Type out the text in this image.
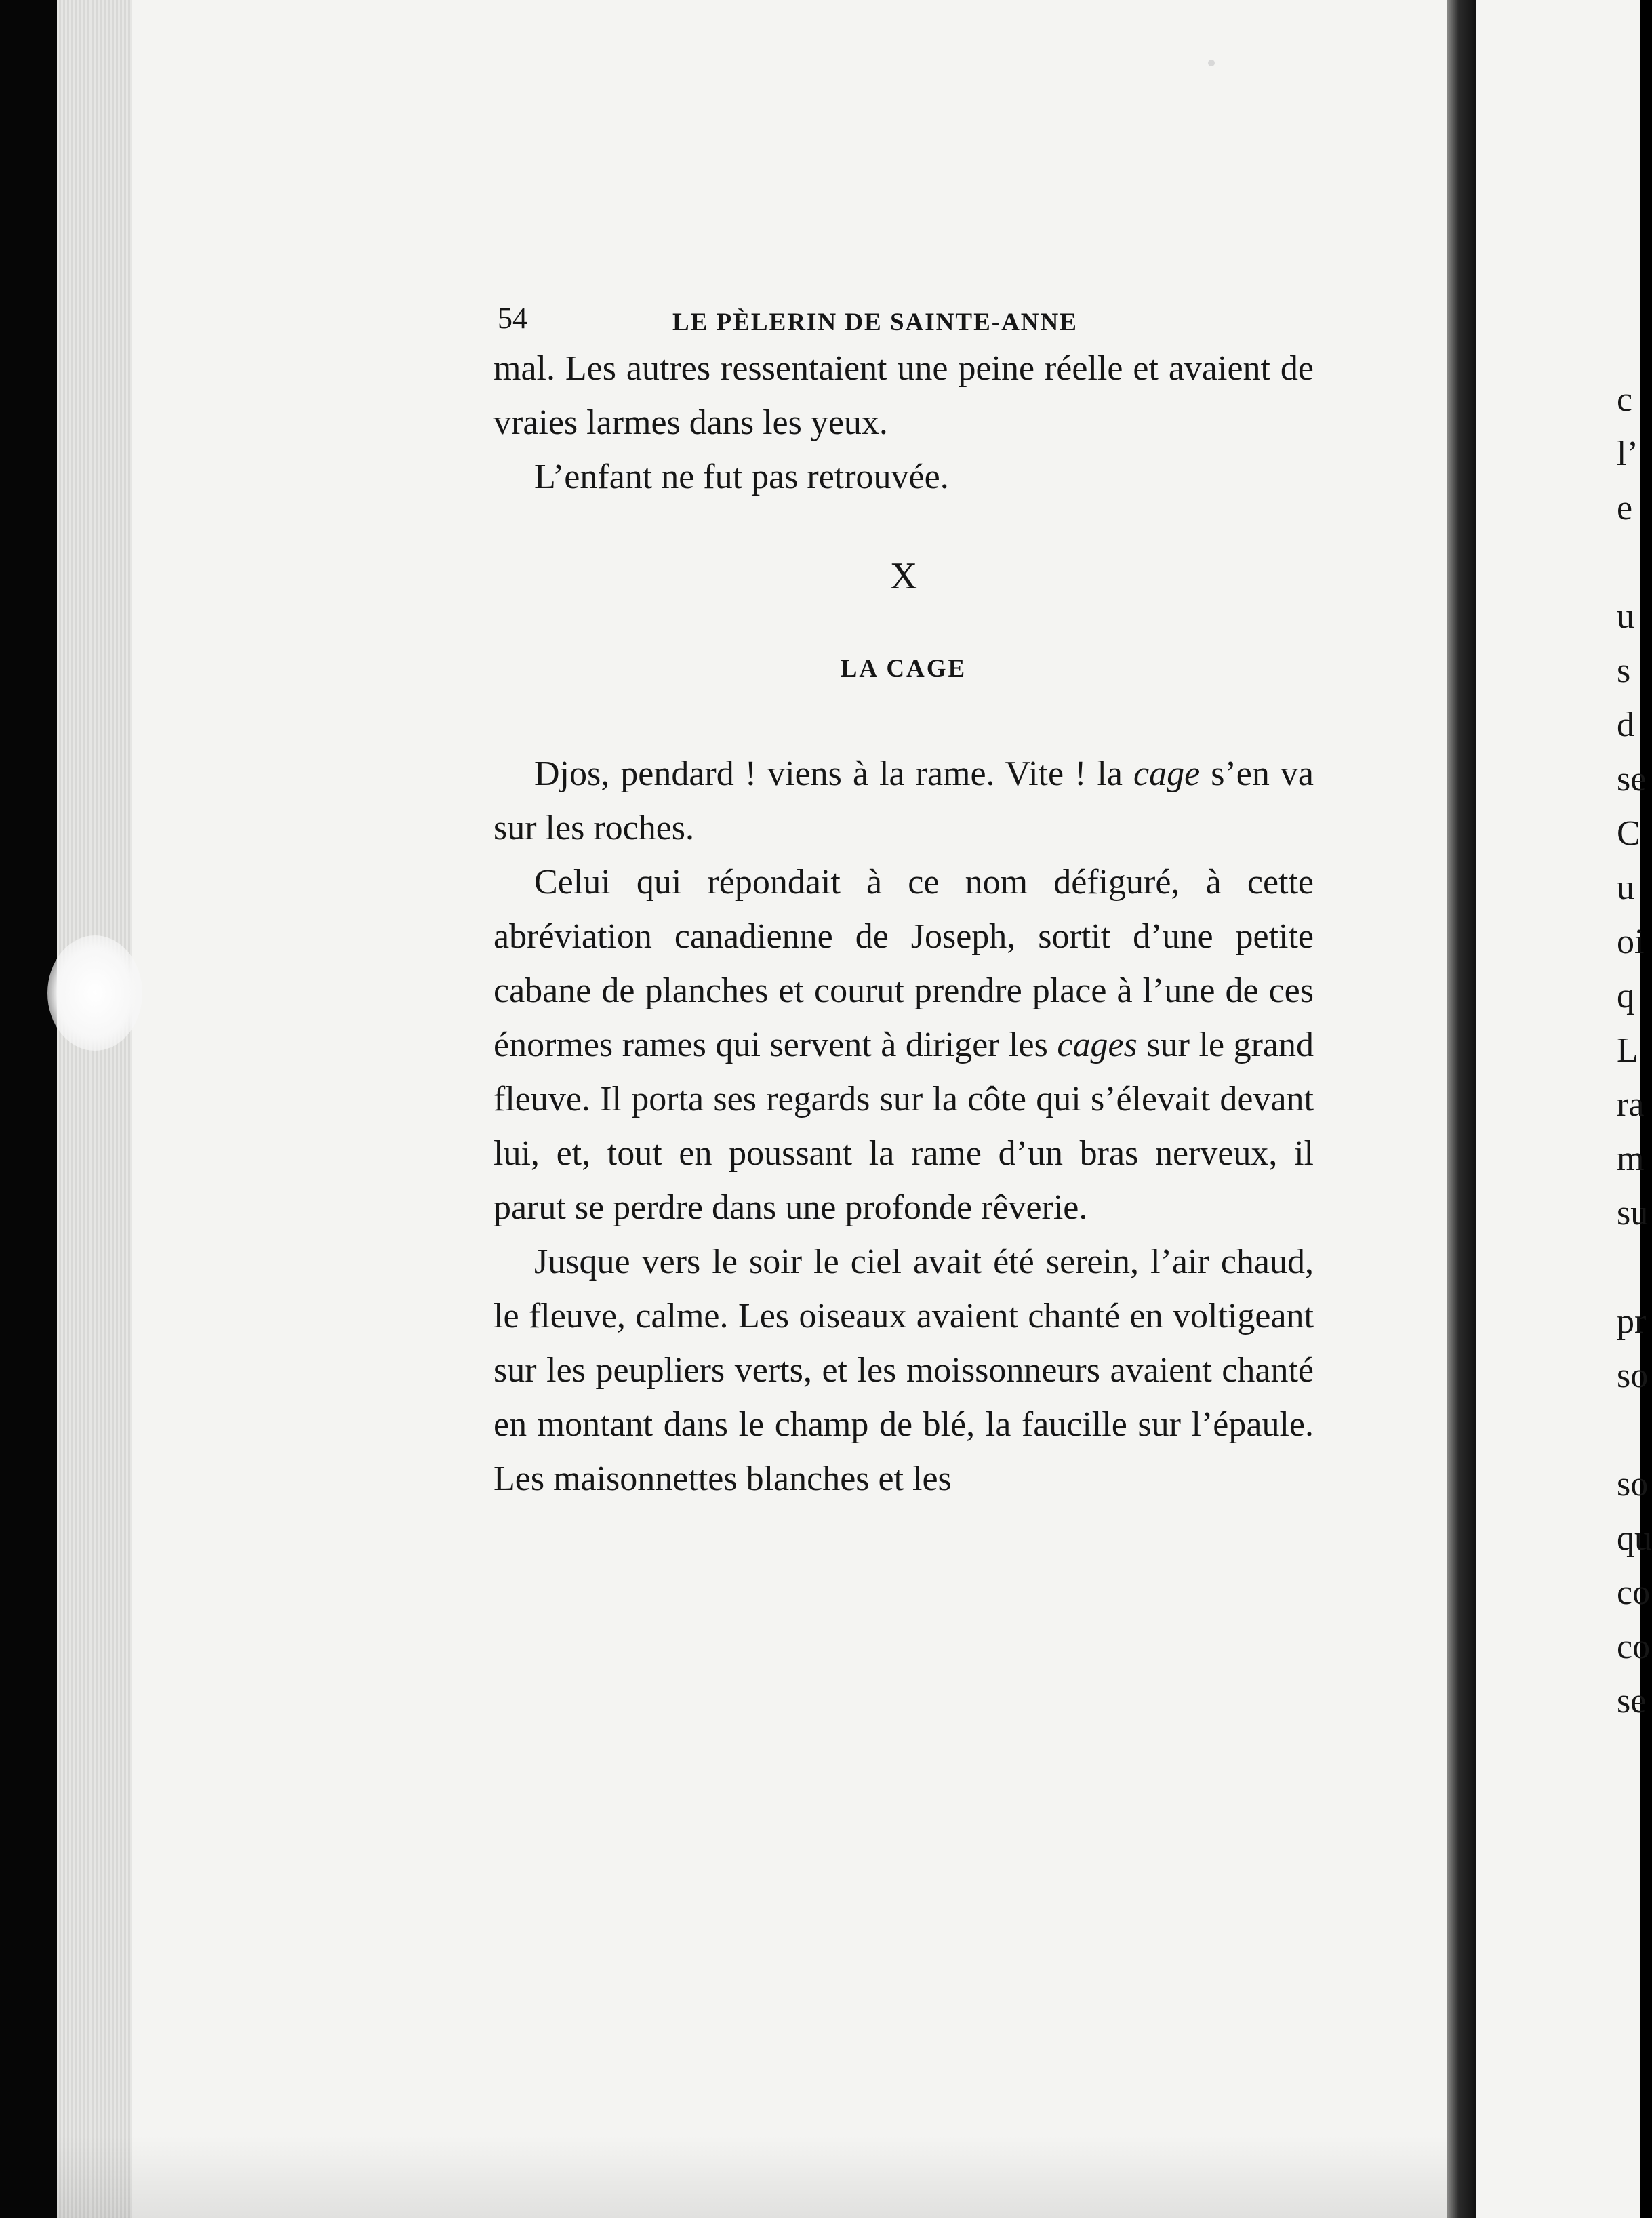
54	LE PÈLERIN DE SAINTE-ANNE

mal. Les autres ressentaient une peine réelle et avaient de vraies larmes dans les yeux.

L’enfant ne fut pas retrouvée.

X
LA CAGE

Djos, pendard ! viens à la rame. Vite ! la cage s’en va sur les roches.

Celui qui répondait à ce nom défiguré, à cette abréviation canadienne de Joseph, sortit d’une petite cabane de planches et courut prendre place à l’une de ces énormes rames qui servent à diriger les cages sur le grand fleuve. Il porta ses regards sur la côte qui s’élevait devant lui, et, tout en poussant la rame d’un bras nerveux, il parut se perdre dans une profonde rêverie.

Jusque vers le soir le ciel avait été serein, l’air chaud, le fleuve, calme. Les oiseaux avaient chanté en voltigeant sur les peupliers verts, et les moissonneurs avaient chanté en montant dans le champ de blé, la faucille sur l’épaule. Les maisonnettes blanches et les

c
l’
e
u
s
d
se
C
u
oi
q
L
ra
m
su
pr
so
so
qu
co
co
se
